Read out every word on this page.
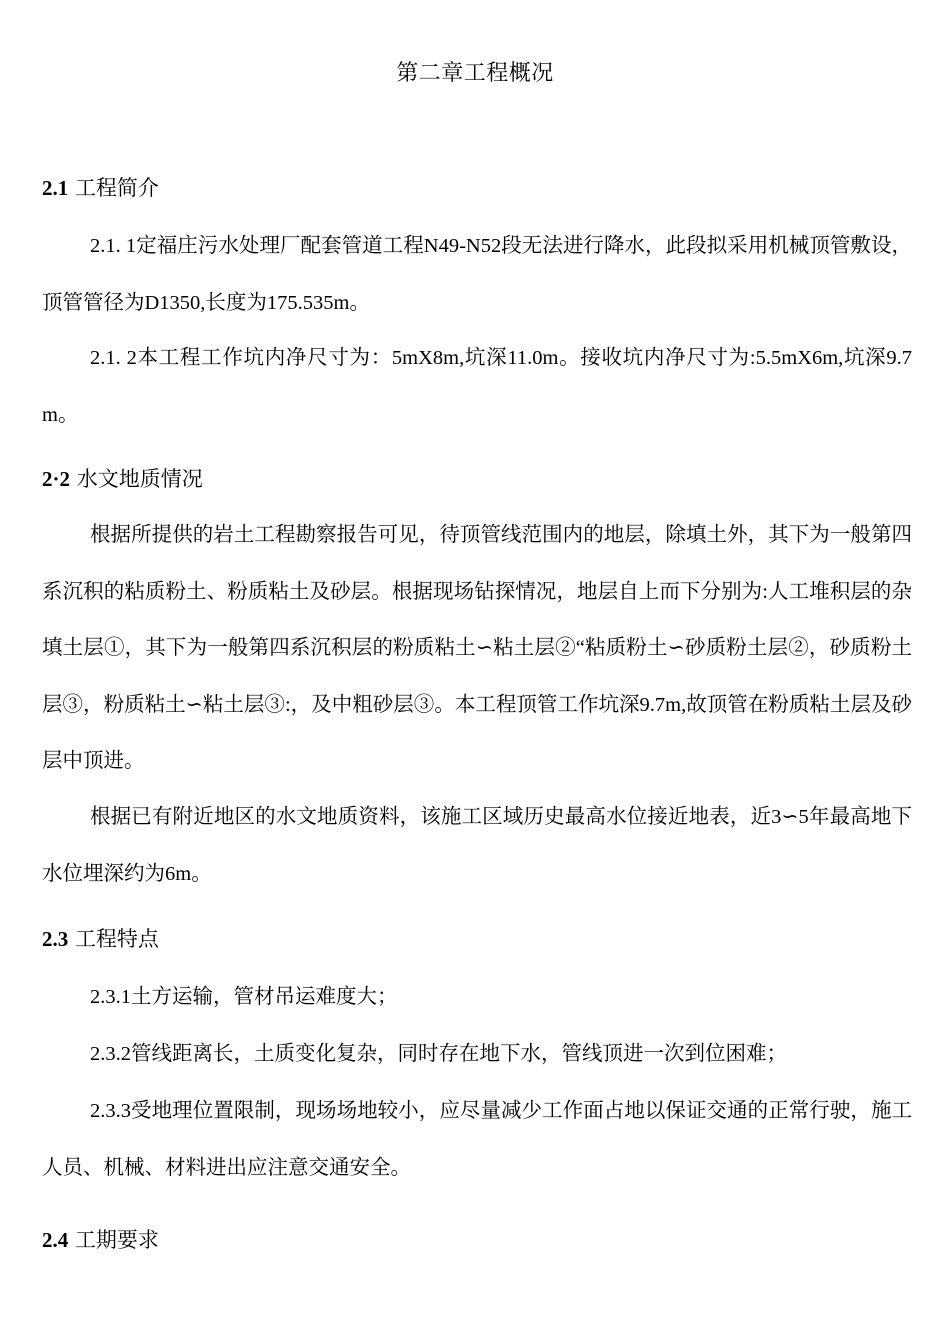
第二章工程概况
2.1 工程简介

2.1. 1定福庄污水处理厂配套管道工程N49-N52段无法进行降水，此段拟采用机械顶管敷设，顶管管径为D1350,长度为175.535m。

2.1. 2本工程工作坑内净尺寸为：5mX8m,坑深11.0m。接收坑内净尺寸为:5.5mX6m,坑深9.7m。

2·2 水文地质情况

根据所提供的岩土工程勘察报告可见，待顶管线范围内的地层，除填土外，其下为一般第四系沉积的粘质粉土、粉质粘土及砂层。根据现场钻探情况，地层自上而下分别为:人工堆积层的杂填土层①，其下为一般第四系沉积层的粉质粘土∽粘土层②“粘质粉土∽砂质粉土层②，砂质粉土层③，粉质粘土∽粘土层③:，及中粗砂层③。本工程顶管工作坑深9.7m,故顶管在粉质粘土层及砂层中顶进。

根据已有附近地区的水文地质资料，该施工区域历史最高水位接近地表，近3∽5年最高地下水位埋深约为6m。

2.3 工程特点

2.3.1土方运输，管材吊运难度大；

2.3.2管线距离长，土质变化复杂，同时存在地下水，管线顶进一次到位困难；

2.3.3受地理位置限制，现场场地较小，应尽量减少工作面占地以保证交通的正常行驶，施工人员、机械、材料进出应注意交通安全。

2.4 工期要求
